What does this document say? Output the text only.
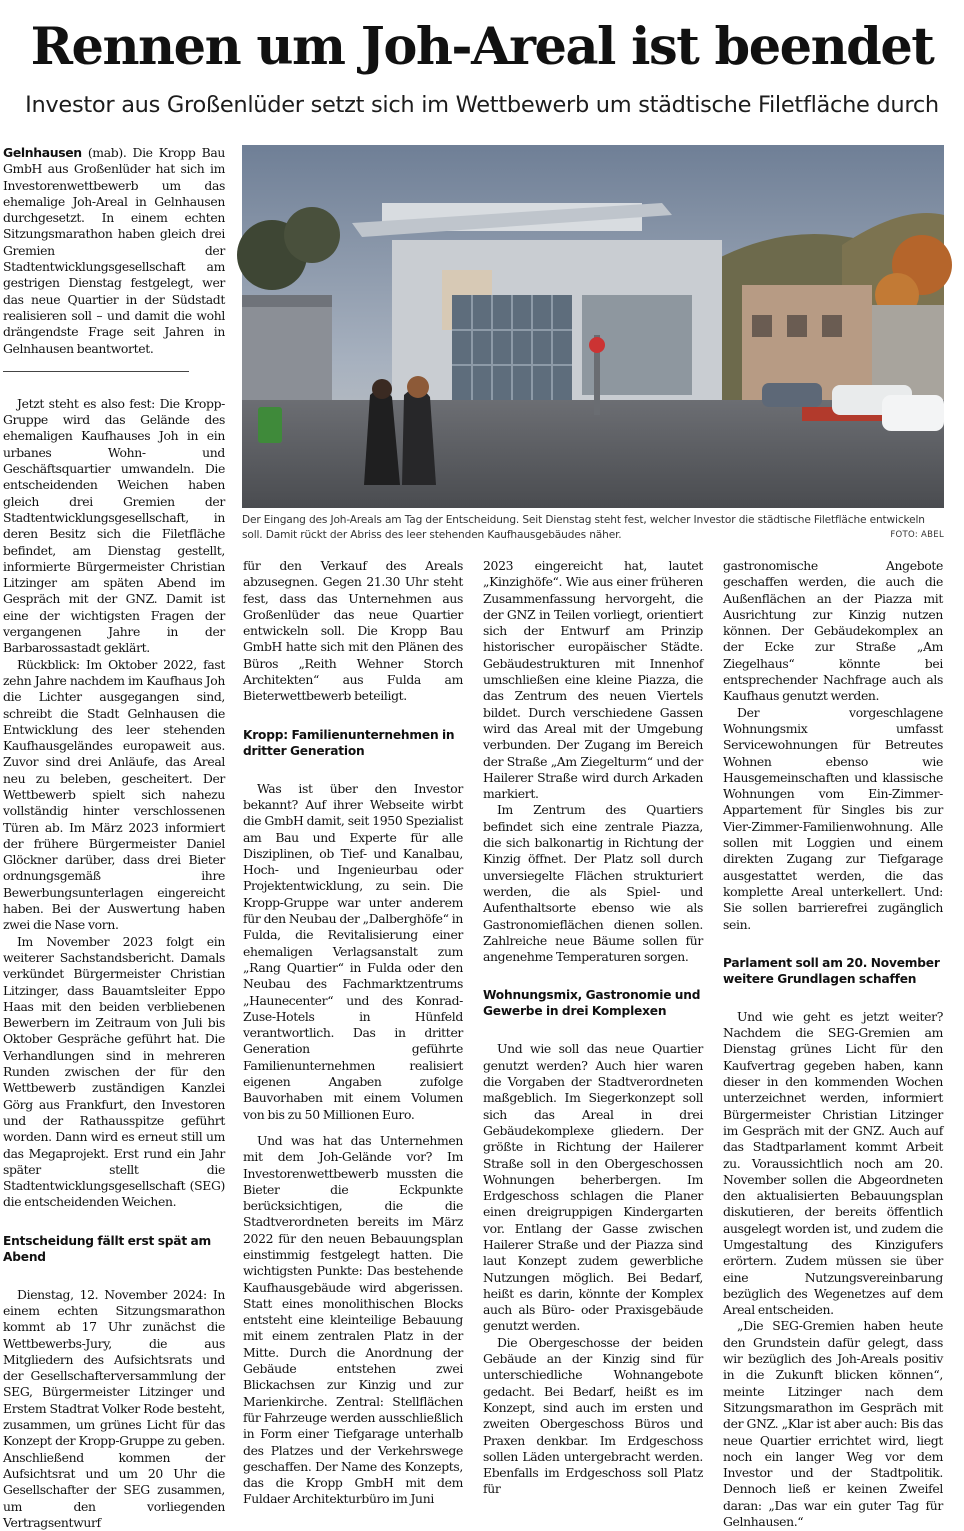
Rennen um Joh-Areal ist beendet
Investor aus Großenlüder setzt sich im Wettbewerb um städtische Filetfläche durch

Gelnhausen (mab). Die Kropp Bau GmbH aus Großenlüder hat sich im Investorenwettbewerb um das ehemalige Joh-Areal in Gelnhausen durchgesetzt. In einem echten Sitzungsmarathon haben gleich drei Gremien der Stadtentwicklungsgesellschaft am gestrigen Dienstag festgelegt, wer das neue Quartier in der Südstadt realisieren soll – und damit die wohl drängendste Frage seit Jahren in Gelnhausen beantwortet.

Jetzt steht es also fest: Die Kropp-Gruppe wird das Gelände des ehemaligen Kaufhauses Joh in ein urbanes Wohn- und Geschäftsquartier umwandeln. Die entscheidenden Weichen haben gleich drei Gremien der Stadtentwicklungsgesellschaft, in deren Besitz sich die Filetfläche befindet, am Dienstag gestellt, informierte Bürgermeister Christian Litzinger am späten Abend im Gespräch mit der GNZ. Damit ist eine der wichtigsten Fragen der vergangenen Jahre in der Barbarossastadt geklärt.

Rückblick: Im Oktober 2022, fast zehn Jahre nachdem im Kaufhaus Joh die Lichter ausgegangen sind, schreibt die Stadt Gelnhausen die Entwicklung des leer stehenden Kaufhausgeländes europaweit aus. Zuvor sind drei Anläufe, das Areal neu zu beleben, gescheitert. Der Wettbewerb spielt sich nahezu vollständig hinter verschlossenen Türen ab. Im März 2023 informiert der frühere Bürgermeister Daniel Glöckner darüber, dass drei Bieter ordnungsgemäß ihre Bewerbungsunterlagen eingereicht haben. Bei der Auswertung haben zwei die Nase vorn.

Im November 2023 folgt ein weiterer Sachstandsbericht. Damals verkündet Bürgermeister Christian Litzinger, dass Bauamtsleiter Eppo Haas mit den beiden verbliebenen Bewerbern im Zeitraum von Juli bis Oktober Gespräche geführt hat. Die Verhandlungen sind in mehreren Runden zwischen der für den Wettbewerb zuständigen Kanzlei Görg aus Frankfurt, den Investoren und der Rathausspitze geführt worden. Dann wird es erneut still um das Megaprojekt. Erst rund ein Jahr später stellt die Stadtentwicklungsgesellschaft (SEG) die entscheidenden Weichen.

Entscheidung fällt erst spät am Abend

Dienstag, 12. November 2024: In einem echten Sitzungsmarathon kommt ab 17 Uhr zunächst die Wettbewerbs-Jury, die aus Mitgliedern des Aufsichtsrats und der Gesellschafterversammlung der SEG, Bürgermeister Litzinger und Erstem Stadtrat Volker Rode besteht, zusammen, um grünes Licht für das Konzept der Kropp-Gruppe zu geben. Anschließend kommen der Aufsichtsrat und um 20 Uhr die Gesellschafter der SEG zusammen, um den vorliegenden Vertragsentwurf

Der Eingang des Joh-Areals am Tag der Entscheidung. Seit Dienstag steht fest, welcher Investor die städtische Filetfläche entwickeln soll. Damit rückt der Abriss des leer stehenden Kaufhausgebäudes näher.	FOTO: ABEL

für den Verkauf des Areals abzusegnen. Gegen 21.30 Uhr steht fest, dass das Unternehmen aus Großenlüder das neue Quartier entwickeln soll. Die Kropp Bau GmbH hatte sich mit den Plänen des Büros „Reith Wehner Storch Architekten“ aus Fulda am Bieterwettbewerb beteiligt.

Kropp: Familienunternehmen in dritter Generation

Was ist über den Investor bekannt? Auf ihrer Webseite wirbt die GmbH damit, seit 1950 Spezialist am Bau und Experte für alle Disziplinen, ob Tief- und Kanalbau, Hoch- und Ingenieurbau oder Projektentwicklung, zu sein. Die Kropp-Gruppe war unter anderem für den Neubau der „Dalberghöfe“ in Fulda, die Revitalisierung einer ehemaligen Verlagsanstalt zum „Rang Quartier“ in Fulda oder den Neubau des Fachmarktzentrums „Haunecenter“ und des Konrad-Zuse-Hotels in Hünfeld verantwortlich. Das in dritter Generation geführte Familienunternehmen realisiert eigenen Angaben zufolge Bauvorhaben mit einem Volumen von bis zu 50 Millionen Euro.

Und was hat das Unternehmen mit dem Joh-Gelände vor? Im Investorenwettbewerb mussten die Bieter die Eckpunkte berücksichtigen, die die Stadtverordneten bereits im März 2022 für den neuen Bebauungsplan einstimmig festgelegt hatten. Die wichtigsten Punkte: Das bestehende Kaufhausgebäude wird abgerissen. Statt eines monolithischen Blocks entsteht eine kleinteilige Bebauung mit einem zentralen Platz in der Mitte. Durch die Anordnung der Gebäude entstehen zwei Blickachsen zur Kinzig und zur Marienkirche. Zentral: Stellflächen für Fahrzeuge werden ausschließlich in Form einer Tiefgarage unterhalb des Platzes und der Verkehrswege geschaffen. Der Name des Konzepts, das die Kropp GmbH mit dem Fuldaer Architekturbüro im Juni

2023 eingereicht hat, lautet „Kinzighöfe“. Wie aus einer früheren Zusammenfassung hervorgeht, die der GNZ in Teilen vorliegt, orientiert sich der Entwurf am Prinzip historischer europäischer Städte. Gebäudestrukturen mit Innenhof umschließen eine kleine Piazza, die das Zentrum des neuen Viertels bildet. Durch verschiedene Gassen wird das Areal mit der Umgebung verbunden. Der Zugang im Bereich der Straße „Am Ziegelturm“ und der Hailerer Straße wird durch Arkaden markiert.

Im Zentrum des Quartiers befindet sich eine zentrale Piazza, die sich balkonartig in Richtung der Kinzig öffnet. Der Platz soll durch unversiegelte Flächen strukturiert werden, die als Spiel- und Aufenthaltsorte ebenso wie als Gastronomieflächen dienen sollen. Zahlreiche neue Bäume sollen für angenehme Temperaturen sorgen.

Wohnungsmix, Gastronomie und Gewerbe in drei Komplexen

Und wie soll das neue Quartier genutzt werden? Auch hier waren die Vorgaben der Stadtverordneten maßgeblich. Im Siegerkonzept soll sich das Areal in drei Gebäudekomplexe gliedern. Der größte in Richtung der Hailerer Straße soll in den Obergeschossen Wohnungen beherbergen. Im Erdgeschoss schlagen die Planer einen dreigruppigen Kindergarten vor. Entlang der Gasse zwischen Hailerer Straße und der Piazza sind laut Konzept zudem gewerbliche Nutzungen möglich. Bei Bedarf, heißt es darin, könnte der Komplex auch als Büro- oder Praxisgebäude genutzt werden.

Die Obergeschosse der beiden Gebäude an der Kinzig sind für unterschiedliche Wohnangebote gedacht. Bei Bedarf, heißt es im Konzept, sind auch im ersten und zweiten Obergeschoss Büros und Praxen denkbar. Im Erdgeschoss sollen Läden untergebracht werden. Ebenfalls im Erdgeschoss soll Platz für

gastronomische Angebote geschaffen werden, die auch die Außenflächen an der Piazza mit Ausrichtung zur Kinzig nutzen können. Der Gebäudekomplex an der Ecke zur Straße „Am Ziegelhaus“ könnte bei entsprechender Nachfrage auch als Kaufhaus genutzt werden.

Der vorgeschlagene Wohnungsmix umfasst Servicewohnungen für Betreutes Wohnen ebenso wie Hausgemeinschaften und klassische Wohnungen vom Ein-Zimmer-Appartement für Singles bis zur Vier-Zimmer-Familienwohnung. Alle sollen mit Loggien und einem direkten Zugang zur Tiefgarage ausgestattet werden, die das komplette Areal unterkellert. Und: Sie sollen barrierefrei zugänglich sein.

Parlament soll am 20. November weitere Grundlagen schaffen

Und wie geht es jetzt weiter? Nachdem die SEG-Gremien am Dienstag grünes Licht für den Kaufvertrag gegeben haben, kann dieser in den kommenden Wochen unterzeichnet werden, informiert Bürgermeister Christian Litzinger im Gespräch mit der GNZ. Auch auf das Stadtparlament kommt Arbeit zu. Voraussichtlich noch am 20. November sollen die Abgeordneten den aktualisierten Bebauungsplan diskutieren, der bereits öffentlich ausgelegt worden ist, und zudem die Umgestaltung des Kinzigufers erörtern. Zudem müssen sie über eine Nutzungsvereinbarung bezüglich des Wegenetzes auf dem Areal entscheiden.

„Die SEG-Gremien haben heute den Grundstein dafür gelegt, dass wir bezüglich des Joh-Areals positiv in die Zukunft blicken können“, meinte Litzinger nach dem Sitzungsmarathon im Gespräch mit der GNZ. „Klar ist aber auch: Bis das neue Quartier errichtet wird, liegt noch ein langer Weg vor dem Investor und der Stadtpolitik. Dennoch ließ er keinen Zweifel daran: „Das war ein guter Tag für Gelnhausen.“
